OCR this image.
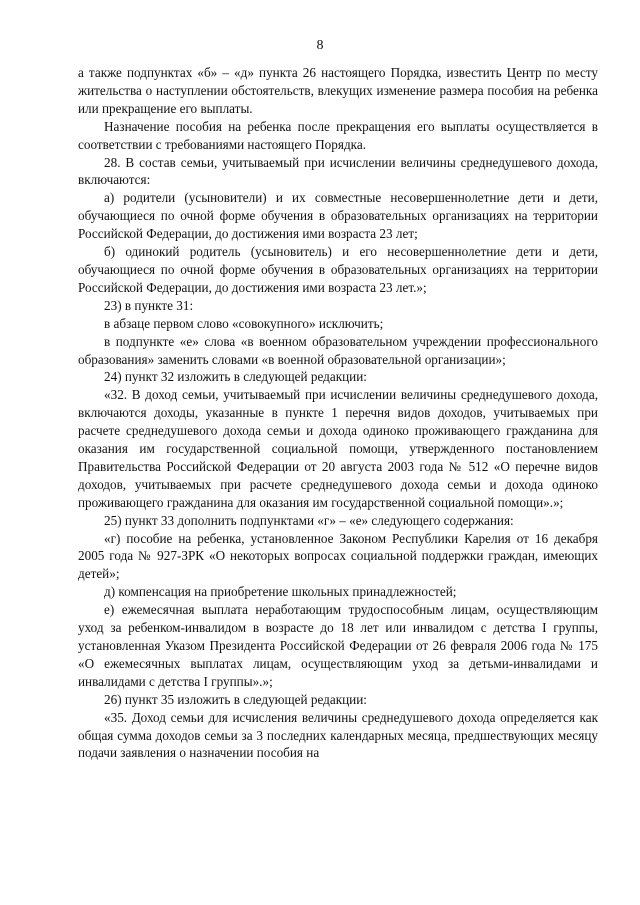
8

а также подпунктах «б» – «д» пункта 26 настоящего Порядка, известить Центр по месту жительства о наступлении обстоятельств, влекущих изменение размера пособия на ребенка или прекращение его выплаты.

Назначение пособия на ребенка после прекращения его выплаты осуществляется в соответствии с требованиями настоящего Порядка.

28. В состав семьи, учитываемый при исчислении величины среднедушевого дохода, включаются:

а) родители (усыновители) и их совместные несовершеннолетние дети и дети, обучающиеся по очной форме обучения в образовательных организациях на территории Российской Федерации, до достижения ими возраста 23 лет;

б) одинокий родитель (усыновитель) и его несовершеннолетние дети и дети, обучающиеся по очной форме обучения в образовательных организациях на территории Российской Федерации, до достижения ими возраста 23 лет.»;

23) в пункте 31:

в абзаце первом слово «совокупного» исключить;

в подпункте «е» слова «в военном образовательном учреждении профессионального образования» заменить словами «в военной образовательной организации»;

24) пункт 32 изложить в следующей редакции:

«32. В доход семьи, учитываемый при исчислении величины среднедушевого дохода, включаются доходы, указанные в пункте 1 перечня видов доходов, учитываемых при расчете среднедушевого дохода семьи и дохода одиноко проживающего гражданина для оказания им государственной социальной помощи, утвержденного постановлением Правительства Российской Федерации от 20 августа 2003 года № 512 «О перечне видов доходов, учитываемых при расчете среднедушевого дохода семьи и дохода одиноко проживающего гражданина для оказания им государственной социальной помощи».»;

25) пункт 33 дополнить подпунктами «г» – «е» следующего содержания:

«г) пособие на ребенка, установленное Законом Республики Карелия от 16 декабря 2005 года № 927-ЗРК «О некоторых вопросах социальной поддержки граждан, имеющих детей»;

д) компенсация на приобретение школьных принадлежностей;

е) ежемесячная выплата неработающим трудоспособным лицам, осуществляющим уход за ребенком-инвалидом в возрасте до 18 лет или инвалидом с детства I группы, установленная Указом Президента Российской Федерации от 26 февраля 2006 года № 175 «О ежемесячных выплатах лицам, осуществляющим уход за детьми-инвалидами и инвалидами с детства I группы».»;

26) пункт 35 изложить в следующей редакции:

«35. Доход семьи для исчисления величины среднедушевого дохода определяется как общая сумма доходов семьи за 3 последних календарных месяца, предшествующих месяцу подачи заявления о назначении пособия на
